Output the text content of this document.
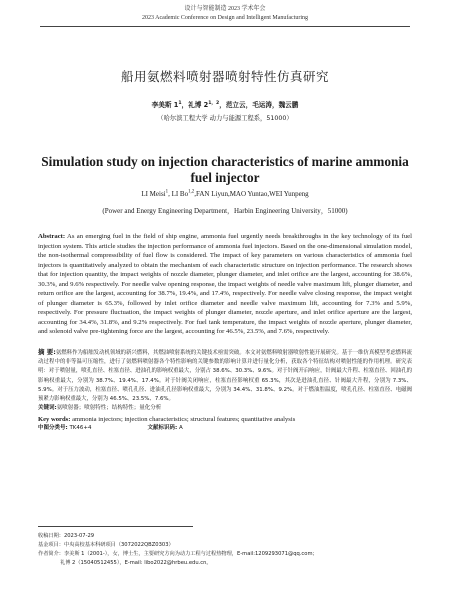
设计与智能制造 2023 学术年会
2023 Academic Conference on Design and Intelligent Manufacturing
船用氨燃料喷射器喷射特性仿真研究
李美斯 $1^1$，礼博 $2^{1,2}$，范立云，毛运涛，魏云鹏
（哈尔滨工程大学 动力与能源工程系，51000）
Simulation study on injection characteristics of marine ammonia fuel injector
LI Meisi$^1$, LI Bo$^{1,2}$,FAN Liyun,MAO Yuntao,WEI Yunpeng
(Power and Energy Engineering Department，Harbin Engineering University，51000)
Abstract: As an emerging fuel in the field of ship engine, ammonia fuel urgently needs breakthroughs in the key technology of its fuel injection system. This article studies the injection performance of ammonia fuel injectors. Based on the one-dimensional simulation model, the non-isothermal compressibility of fuel flow is considered. The impact of key parameters on various characteristics of ammonia fuel injectors is quantitatively analyzed to obtain the mechanism of each characteristic structure on injection performance. The research shows that for injection quantity, the impact weights of nozzle diameter, plunger diameter, and inlet orifice are the largest, accounting for 38.6%, 30.3%, and 9.6% respectively. For needle valve opening response, the impact weights of needle valve maximum lift, plunger diameter, and return orifice are the largest, accounting for 38.7%, 19.4%, and 17.4%, respectively. For needle valve closing response, the impact weight of plunger diameter is 65.3%, followed by inlet orifice diameter and needle valve maximum lift, accounting for 7.3% and 5.9%, respectively. For pressure fluctuation, the impact weights of plunger diameter, nozzle aperture, and inlet orifice aperture are the largest, accounting for 34.4%, 31.8%, and 9.2% respectively. For fuel tank temperature, the impact weights of nozzle aperture, plunger diameter, and solenoid valve pre-tightening force are the largest, accounting for 46.5%, 23.5%, and 7.6%, respectively.
摘 要:氨燃料作为船舶发动机领域的新兴燃料，其燃油喷射系统的关键技术亟需突破。本文对氨燃料喷射器喷射性能开展研究。基于一维仿真模型考虑燃料流动过程中的非等温可压缩性，进行了氨燃料喷射器各个特性影响的关键参数的影响计算并进行量化分析，获取各个特征结构对喷射性能的作用机理。研究表明：对于喷射量，喷孔直径、柱塞直径、进油孔的影响权重最大，分别占 38.6%、30.3%、9.6%。对于针阀开启响应，针阀最大升程、柱塞直径、回油孔的影响权重最大，分别为 38.7%、19.4%、17.4%。对于针阀关闭响应，柱塞直径影响权重 65.3%，其次是进油孔直径、针阀最大升程，分别为 7.3%、5.9%。对于压力波动，柱塞直径、喷孔孔径、进油孔孔径影响权重最大，分别为 34.4%、31.8%、9.2%。对于燃油腔温度，喷孔孔径、柱塞直径、电磁阀预紧力影响权重最大，分别为 46.5%、23.5%、7.6%。
关键词:氨喷射器；喷射特性；结构特性；量化分析
Key words: ammonia injectors; injection characteristics; structural features; quantitative analysis
中图分类号: TK46+4	文献标识码: A
收稿日期：2023-07-29
基金项目：中央高校基本科研项目（3072022QBZ0303）
作者简介：李美斯 1（2001-），女，博士生，主要研究方向为动力工程与过程热物理，E-mail:1209293071@qq.com；
礼博 2（15040512455），E-mail: libo2022@hrbeu.edu.cn。
